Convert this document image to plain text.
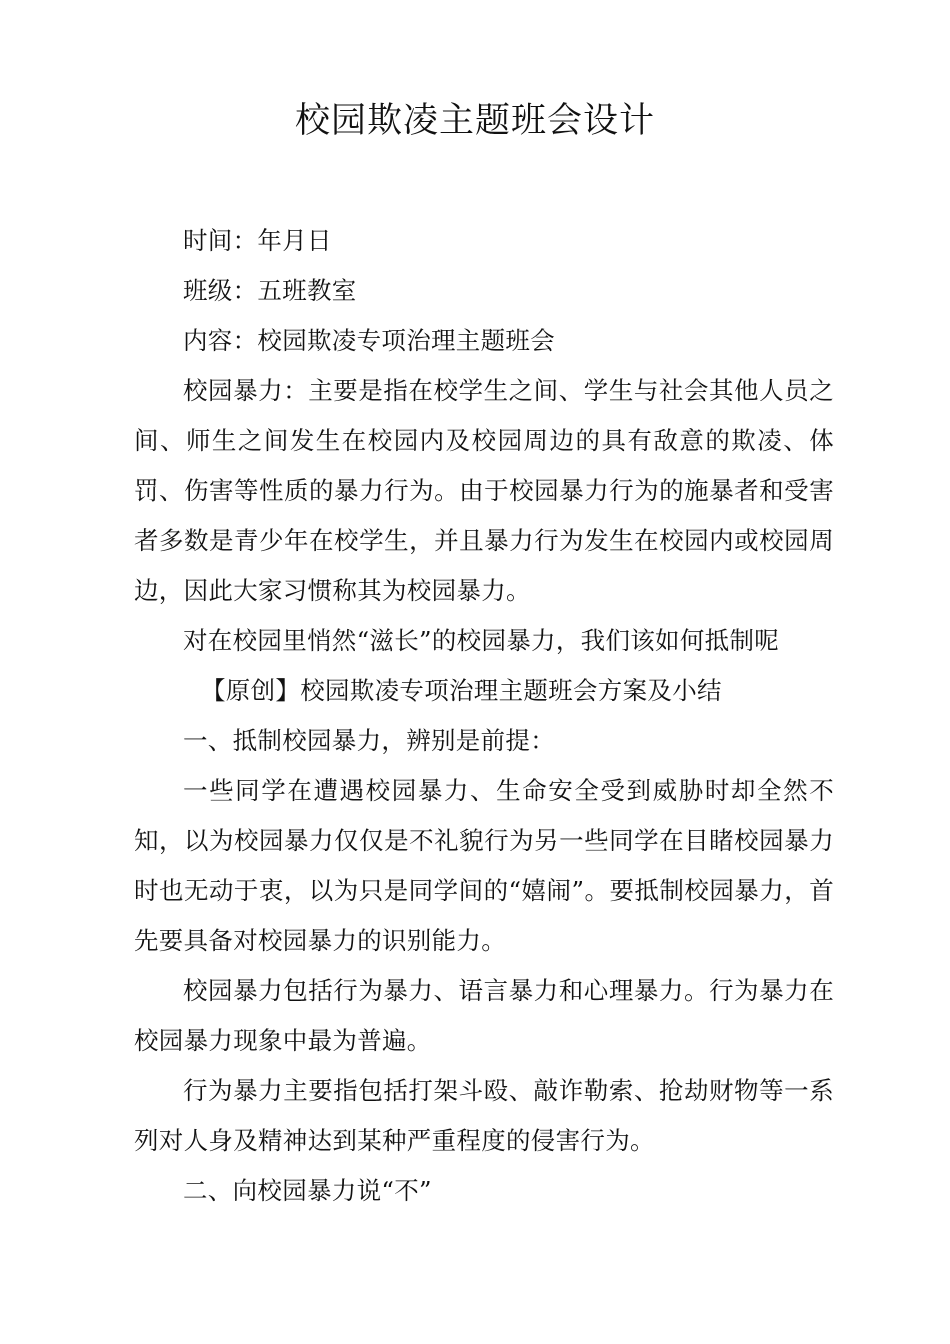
校园欺凌主题班会设计

时间：年月日

班级：五班教室

内容：校园欺凌专项治理主题班会

校园暴力：主要是指在校学生之间、学生与社会其他人员之间、师生之间发生在校园内及校园周边的具有敌意的欺凌、体罚、伤害等性质的暴力行为。由于校园暴力行为的施暴者和受害者多数是青少年在校学生，并且暴力行为发生在校园内或校园周边，因此大家习惯称其为校园暴力。

对在校园里悄然“滋长”的校园暴力，我们该如何抵制呢

【原创】校园欺凌专项治理主题班会方案及小结

一、抵制校园暴力，辨别是前提：

一些同学在遭遇校园暴力、生命安全受到威胁时却全然不知，以为校园暴力仅仅是不礼貌行为另一些同学在目睹校园暴力时也无动于衷，以为只是同学间的“嬉闹”。要抵制校园暴力，首先要具备对校园暴力的识别能力。

校园暴力包括行为暴力、语言暴力和心理暴力。行为暴力在校园暴力现象中最为普遍。

行为暴力主要指包括打架斗殴、敲诈勒索、抢劫财物等一系列对人身及精神达到某种严重程度的侵害行为。

二、向校园暴力说“不”
